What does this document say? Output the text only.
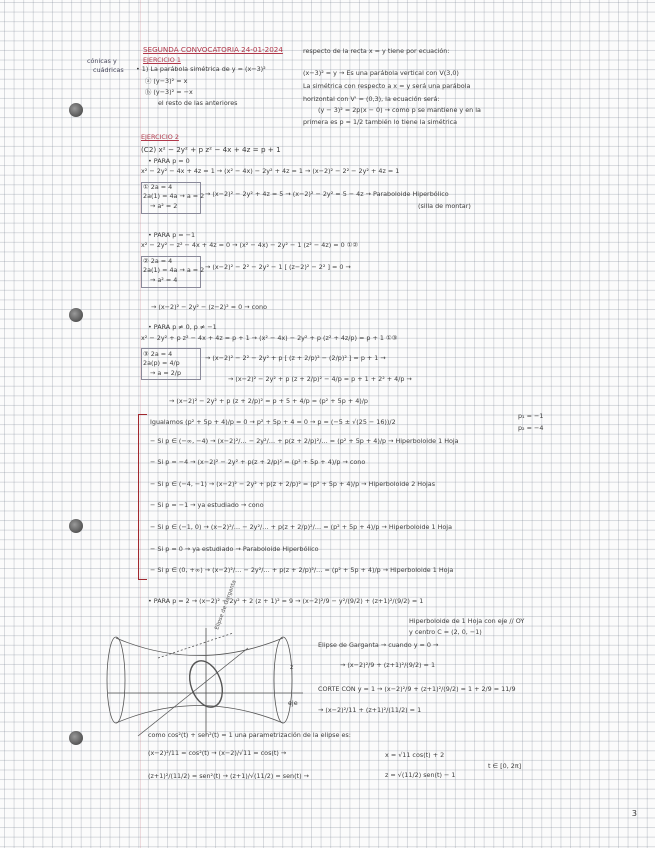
SEGUNDA CONVOCATORIA 24-01-2024
EJERCICIO 1
cónicas y
cuádricas • 1) La parábola simétrica de y = (x−3)²
respecto de la recta x = y tiene por ecuación:
(x−3)² = y → Es una parábola vertical con V(3,0)
La simétrica con respecto a x = y será una parábola
horizontal con V' = (0,3), la ecuación será:
(y − 3)² = 2p(x − 0) → como p se mantiene y en la
primera es p = 1/2 también lo tiene la simétrica
ⓐ (y−3)² = x
ⓑ (y−3)² = −x
el resto de las anteriores
EJERCICIO 2
(C2) x² − 2y² + p z² − 4x + 4z = p + 1
• PARA p = 0
x² − 2y² − 4x + 4z = 1 → (x² − 4x) − 2y² + 4z = 1 → (x−2)² − 2² − 2y² + 4z = 1
① 2a = 4
2a(1) = 4a → a = 2
→ a² = 2
→ (x−2)² − 2y² + 4z = 5 → (x−2)² − 2y² = 5 − 4z → Paraboloide Hiperbólico
(silla de montar)
• PARA p = −1
x² − 2y² − z² − 4x + 4z = 0 → (x² − 4x) − 2y² − 1 (z² − 4z) = 0 ①②
② 2a = 4
2a(1) = 4a → a = 2
→ a² = 4
→ (x−2)² − 2² − 2y² − 1 [ (z−2)² − 2² ] = 0 →
→ (x−2)² − 2y² − (z−2)² = 0 → cono
• PARA p ≠ 0, p ≠ −1
x² − 2y² + p z² − 4x + 4z = p + 1 → (x² − 4x) − 2y² + p (z² + 4z/p) = p + 1 ①③
③ 2a = 4
2a(p) = 4/p
→ a = 2/p
→ (x−2)² − 2² − 2y² + p [ (z + 2/p)² − (2/p)² ] = p + 1 →
→ (x−2)² − 2y² + p (z + 2/p)² − 4/p = p + 1 + 2² + 4/p →
→ (x−2)² − 2y² + p (z + 2/p)² = p + 5 + 4/p = (p² + 5p + 4)/p
Igualamos (p² + 5p + 4)/p = 0 → p² + 5p + 4 = 0 → p = (−5 ± √(25 − 16))/2
p₁ = −1
p₂ = −4
− Si p ∈ (−∞, −4) → (x−2)²/… − 2y²/… + p(z + 2/p)²/… = (p² + 5p + 4)/p → Hiperboloide 1 Hoja
− Si p = −4 → (x−2)² − 2y² + p(z + 2/p)² = (p² + 5p + 4)/p → cono
− Si p ∈ (−4, −1) → (x−2)² − 2y² + p(z + 2/p)² = (p² + 5p + 4)/p → Hiperboloide 2 Hojas
− Si p = −1 → ya estudiado → cono
− Si p ∈ (−1, 0) → (x−2)²/… − 2y²/… + p(z + 2/p)²/… = (p² + 5p + 4)/p → Hiperboloide 1 Hoja
− Si p = 0 → ya estudiado → Paraboloide Hiperbólico
− Si p ∈ (0, +∞) → (x−2)²/… − 2y²/… + p(z + 2/p)²/… = (p² + 5p + 4)/p → Hiperboloide 1 Hoja
• PARA p = 2 → (x−2)² − 2y² + 2 (z + 1)² = 9 → (x−2)²/9 − y²/(9/2) + (z+1)²/(9/2) = 1
Hiperboloide de 1 Hoja con eje // OY
y centro C = (2, 0, −1)
Elipse de Garganta → cuando y = 0 →
→ (x−2)²/9 + (z+1)²/(9/2) = 1
CORTE CON y = 1 → (x−2)²/9 + (z+1)²/(9/2) = 1 + 2/9 = 11/9
→ (x−2)²/11 + (z+1)²/(11/2) = 1
Elipse de Garganta
z
eje
como cos²(t) + sen²(t) = 1 una parametrización de la elipse es:
(x−2)²/11 = cos²(t) → (x−2)/√11 = cos(t) →
(z+1)²/(11/2) = sen²(t) → (z+1)/√(11/2) = sen(t) →
x = √11 cos(t) + 2
z = √(11/2) sen(t) − 1
t ∈ [0, 2π]
3
